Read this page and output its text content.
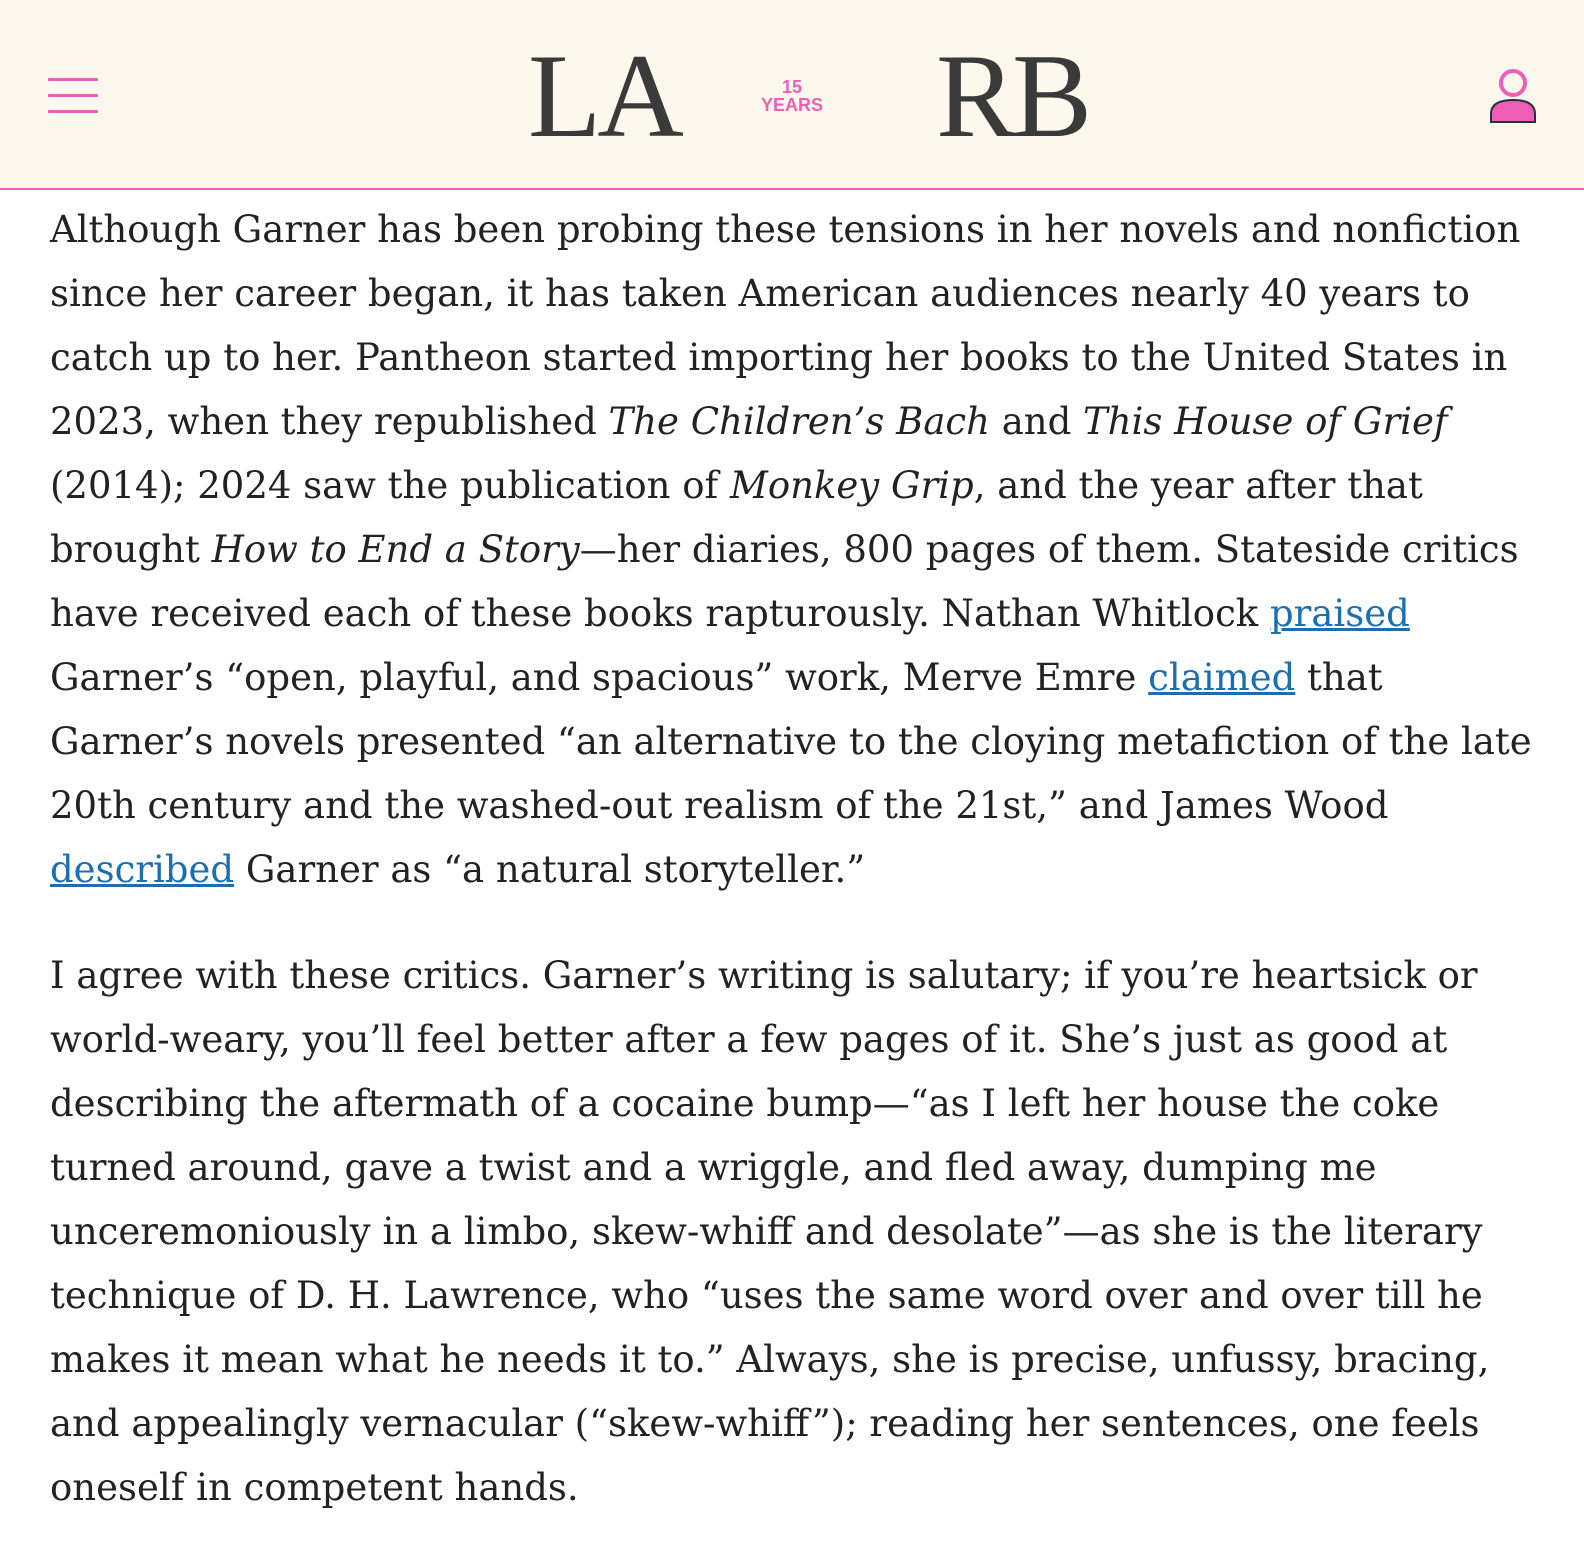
LA	15
YEARS RB

Although Garner has been probing these tensions in her novels and nonfiction since her career began, it has taken American audiences nearly 40 years to catch up to her. Pantheon started importing her books to the United States in 2023, when they republished The Children’s Bach and This House of Grief (2014); 2024 saw the publication of Monkey Grip, and the year after that brought How to End a Story—her diaries, 800 pages of them. Stateside critics have received each of these books rapturously. Nathan Whitlock praised Garner’s “open, playful, and spacious” work, Merve Emre claimed that Garner’s novels presented “an alternative to the cloying metafiction of the late 20th century and the washed-out realism of the 21st,” and James Wood described Garner as “a natural storyteller.”

I agree with these critics. Garner’s writing is salutary; if you’re heartsick or world-weary, you’ll feel better after a few pages of it. She’s just as good at describing the aftermath of a cocaine bump—“as I left her house the coke turned around, gave a twist and a wriggle, and fled away, dumping me unceremoniously in a limbo, skew-whiff and desolate”—as she is the literary technique of D. H. Lawrence, who “uses the same word over and over till he makes it mean what he needs it to.” Always, she is precise, unfussy, bracing, and appealingly vernacular (“skew-whiff”); reading her sentences, one feels oneself in competent hands.
